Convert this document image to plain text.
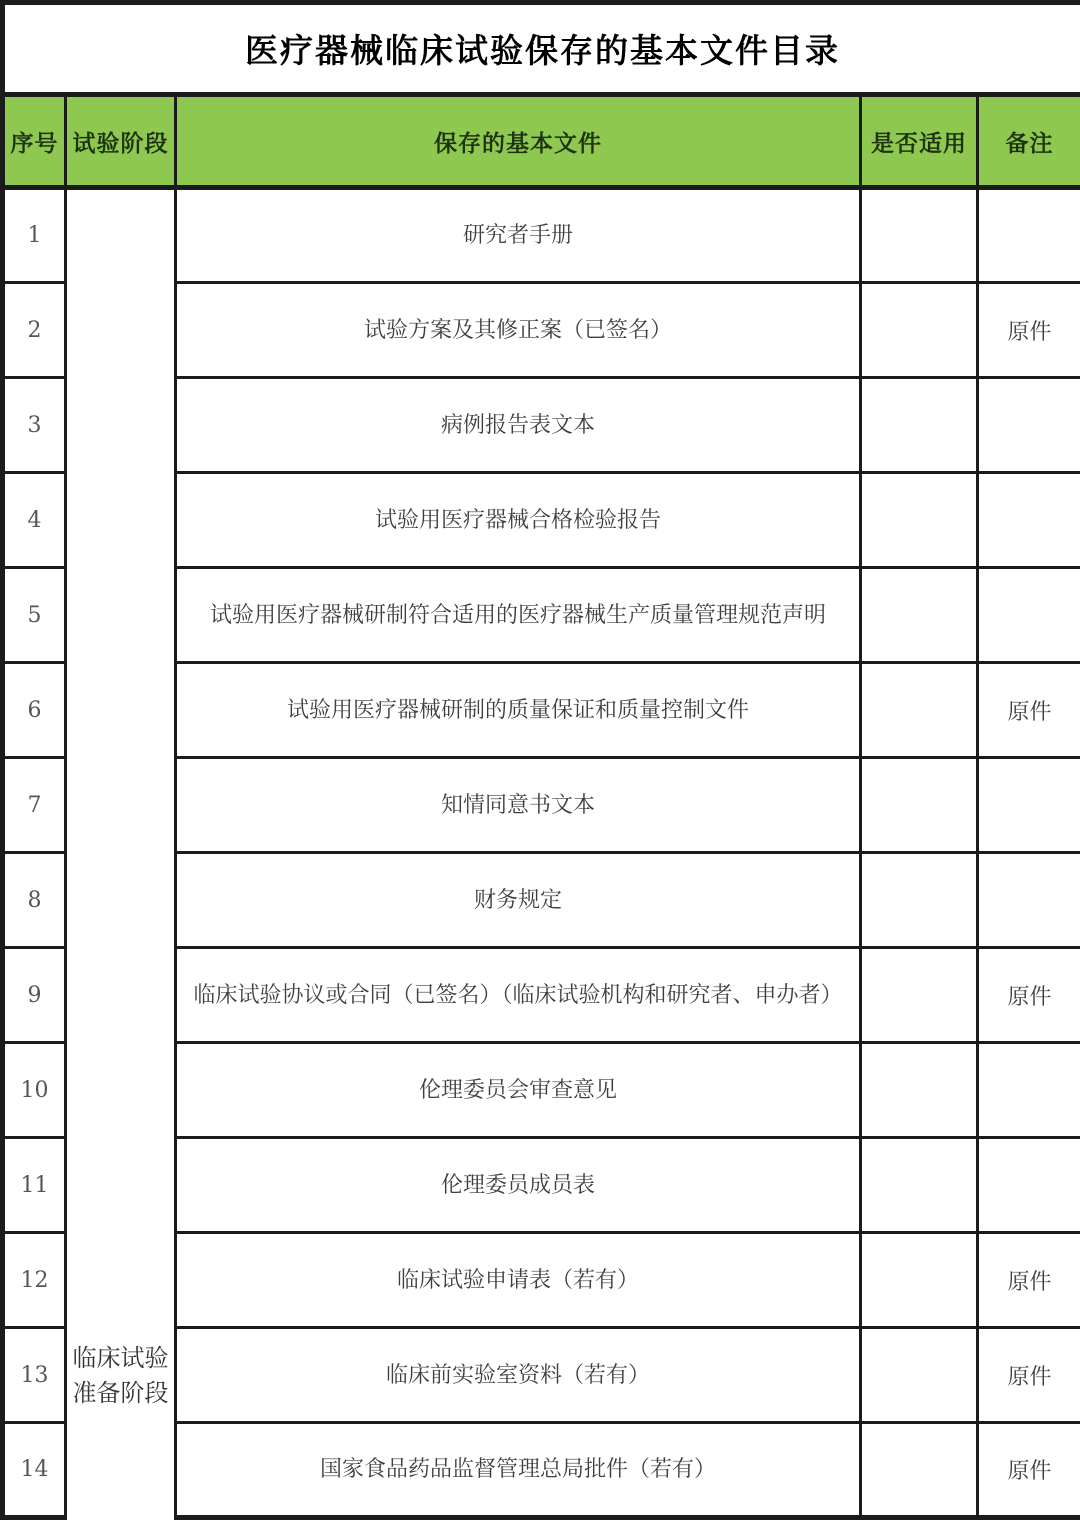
医疗器械临床试验保存的基本文件目录				
序号	试验阶段	保存的基本文件	是否适用	备注
1	临床试验准备阶段	研究者手册		
2		试验方案及其修正案（已签名）		原件
3		病例报告表文本		
4		试验用医疗器械合格检验报告		
5		试验用医疗器械研制符合适用的医疗器械生产质量管理规范声明		
6		试验用医疗器械研制的质量保证和质量控制文件		原件
7		知情同意书文本		
8		财务规定		
9		临床试验协议或合同（已签名）（临床试验机构和研究者、申办者）		原件
10		伦理委员会审查意见		
11		伦理委员成员表		
12		临床试验申请表（若有）		原件
13		临床前实验室资料（若有）		原件
14		国家食品药品监督管理总局批件（若有）		原件
